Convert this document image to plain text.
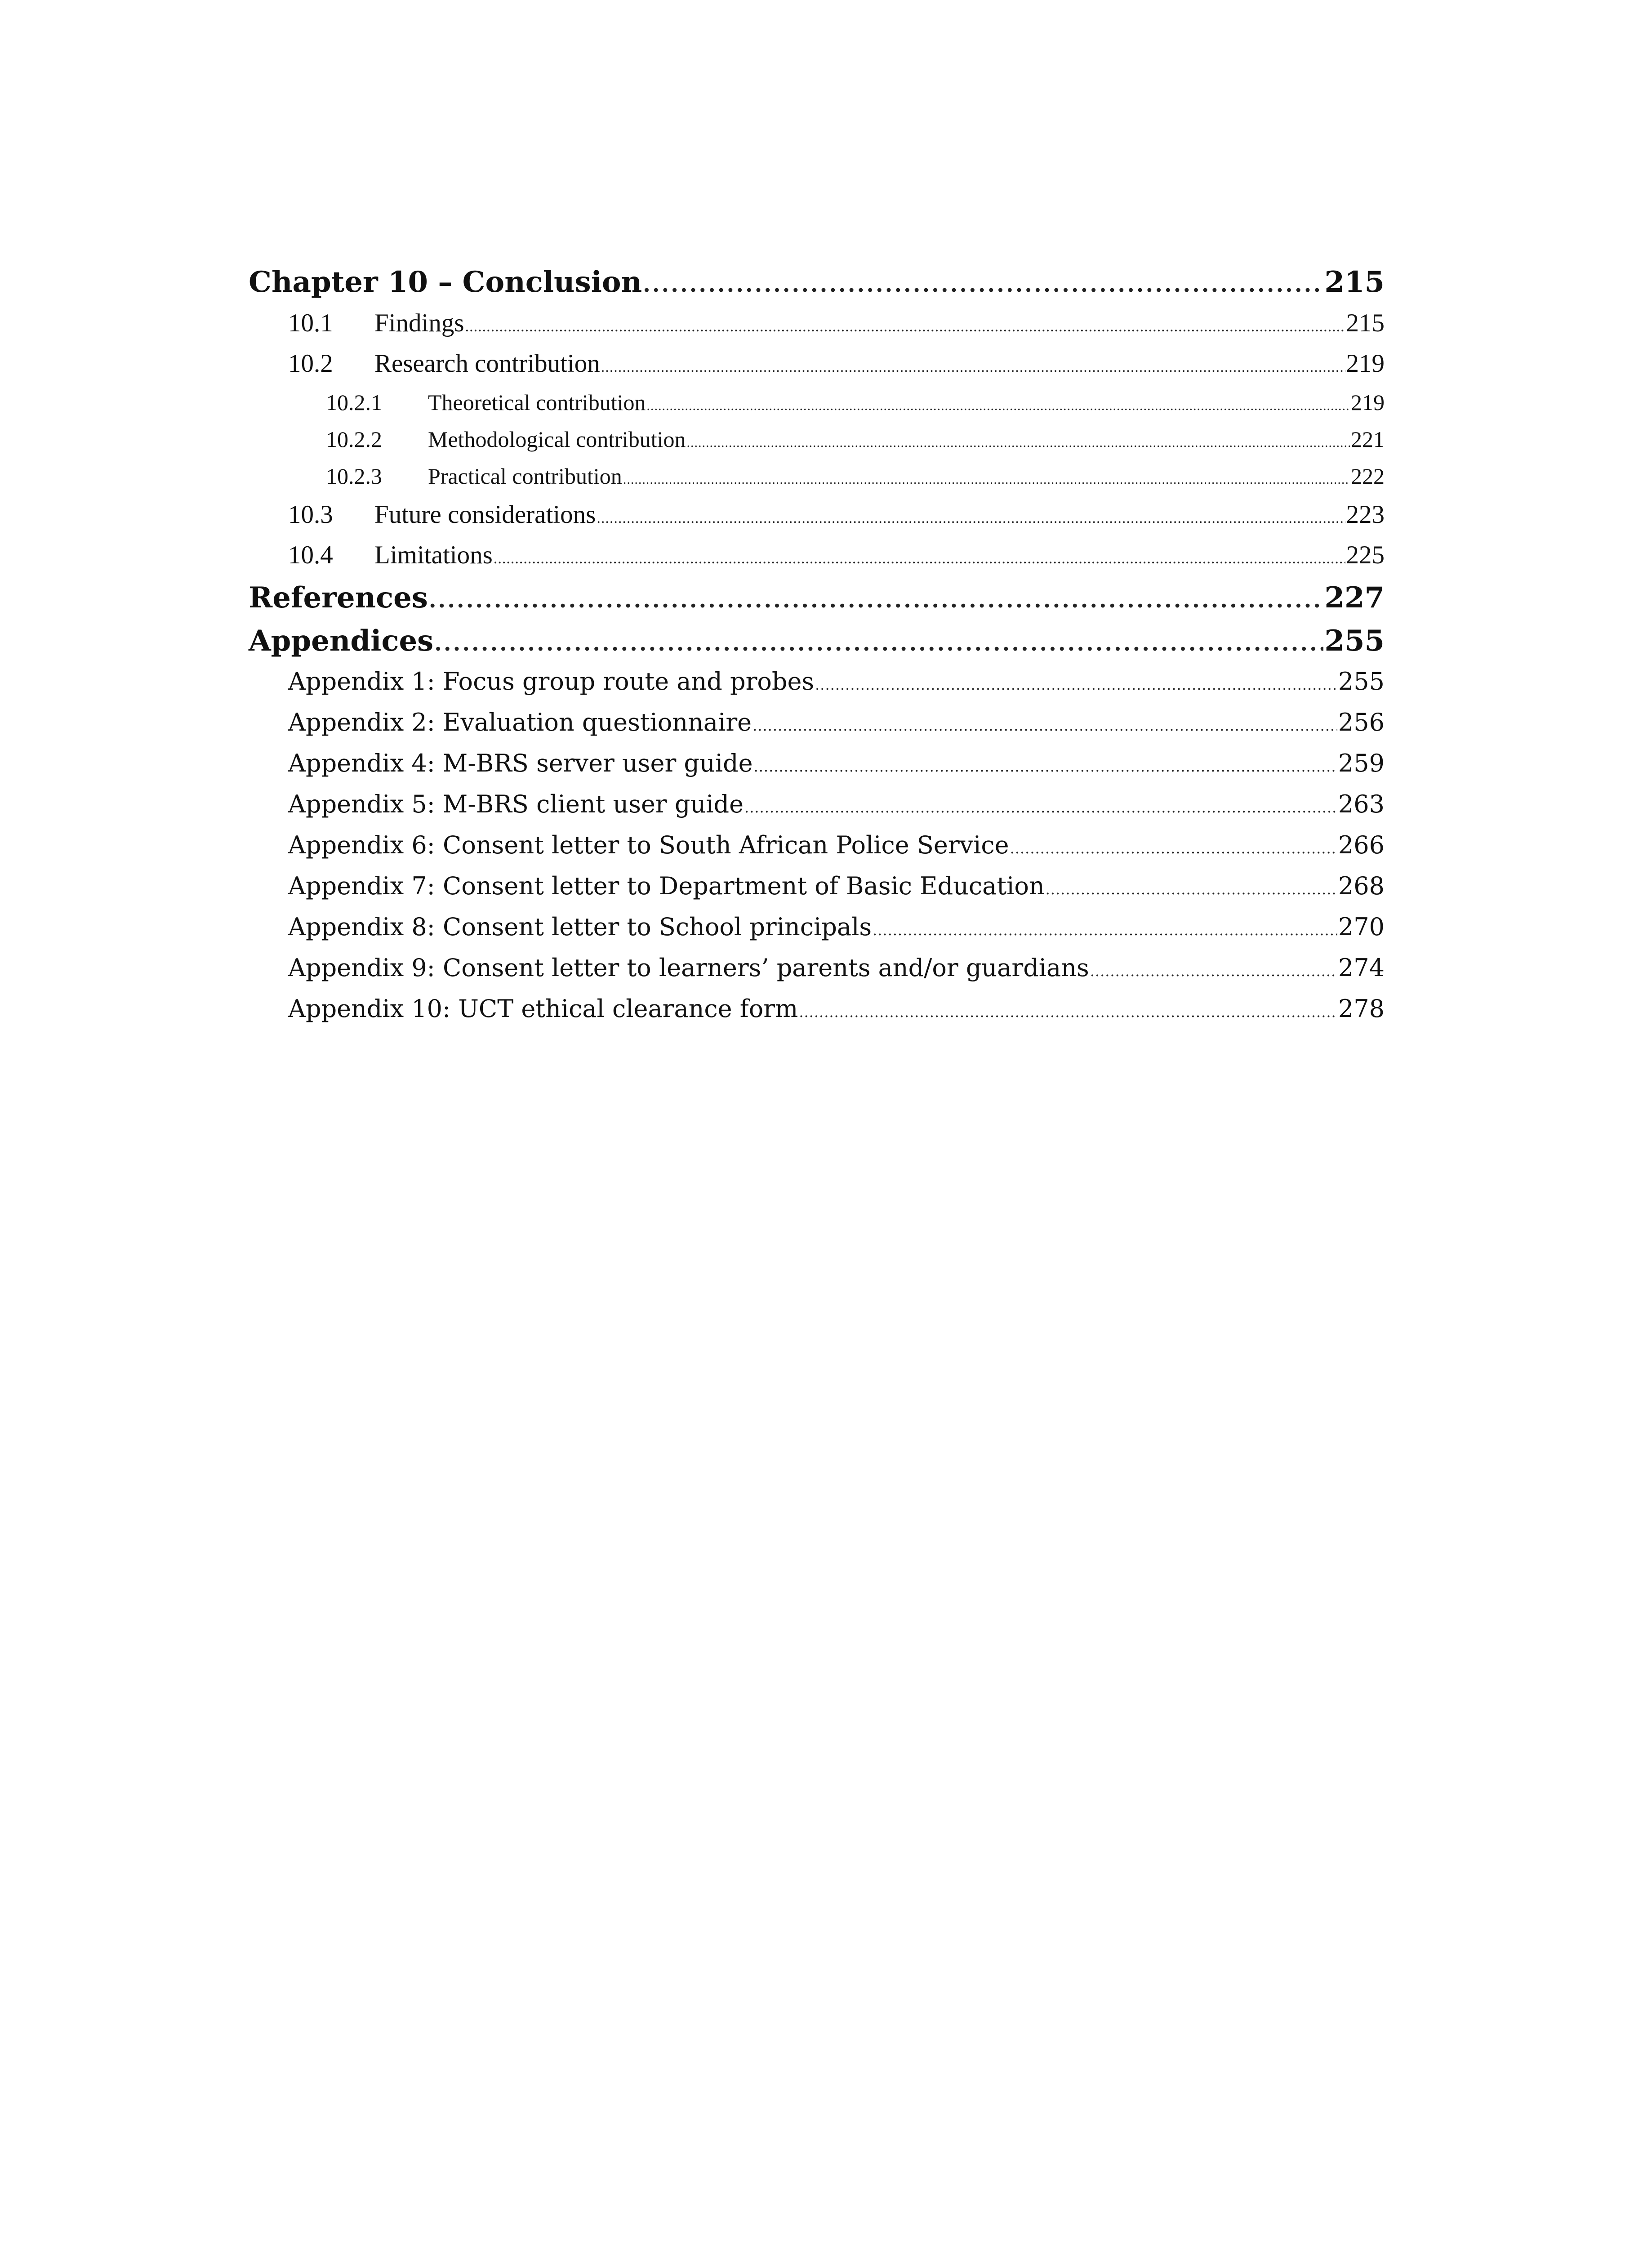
Chapter 10 – Conclusion .....	215
10.1	Findings .....	215
10.2	Research contribution .....	219
10.2.1	Theoretical contribution .....	219
10.2.2	Methodological contribution .....	221
10.2.3	Practical contribution .....	222
10.3	Future considerations .....	223
10.4	Limitations .....	225
References .....	227
Appendices .....	255
Appendix 1: Focus group route and probes .....	255
Appendix 2: Evaluation questionnaire .....	256
Appendix 4: M-BRS server user guide .....	259
Appendix 5: M-BRS client user guide .....	263
Appendix 6: Consent letter to South African Police Service .....	266
Appendix 7: Consent letter to Department of Basic Education .....	268
Appendix 8: Consent letter to School principals .....	270
Appendix 9: Consent letter to learners’ parents and/or guardians .....	274
Appendix 10: UCT ethical clearance form .....	278
